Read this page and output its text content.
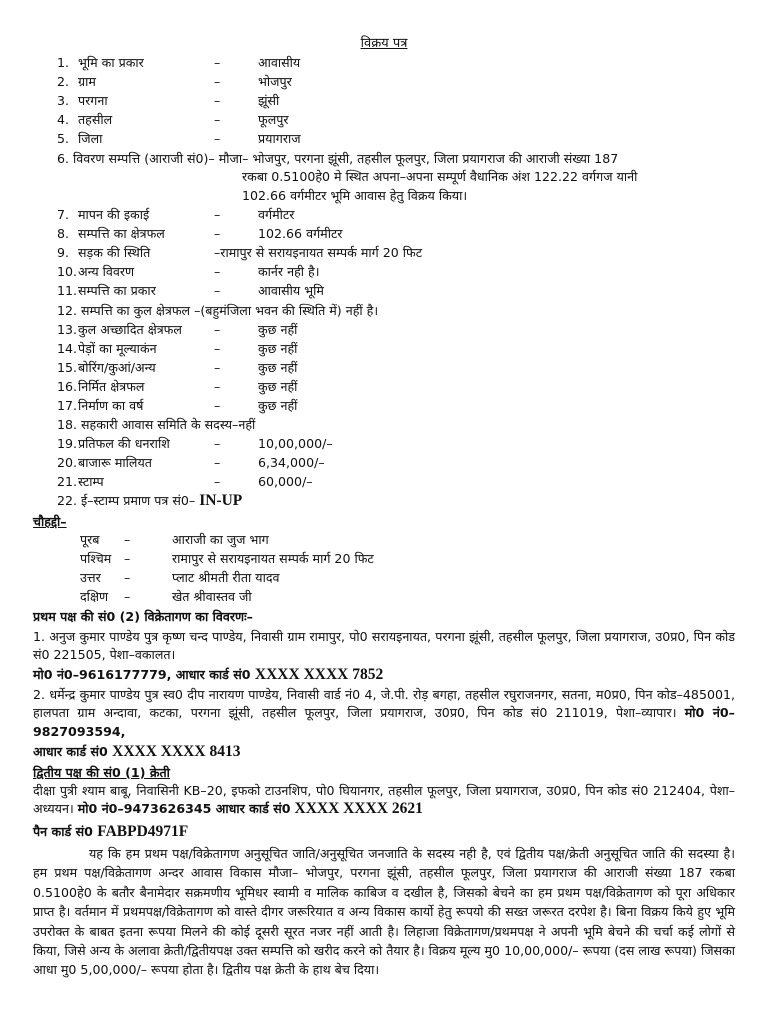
विक्रय पत्र
1. भूमि का प्रकार	–	आवासीय
2. ग्राम	–	भोजपुर
3. परगना	–	झूंसी
4. तहसील	–	फूलपुर
5. जिला	–	प्रयागराज
6. विवरण सम्पत्ति (आराजी सं0)– मौजा– भोजपुर, परगना झूंसी, तहसील फूलपुर, जिला प्रयागराज की आराजी संख्या 187
रकबा 0.5100हे0 मे स्थित अपना–अपना सम्पूर्ण वैधानिक अंश 122.22 वर्गगज यानी
102.66 वर्गमीटर भूमि आवास हेतु विक्रय किया।
7. मापन की इकाई	–	वर्गमीटर
8. सम्पत्ति का क्षेत्रफल	–	102.66 वर्गमीटर
9. सड़क की स्थिति	–रामापुर से सरायइनायत सम्पर्क मार्ग 20 फिट
10. अन्य विवरण	–	कार्नर नही है।
11. सम्पत्ति का प्रकार	–	आवासीय भूमि
12. सम्पत्ति का कुल क्षेत्रफल –(बहुमंजिला भवन की स्थिति में) नहीं है।
13. कुल अच्छादित क्षेत्रफल	–	कुछ नहीं
14. पेड़ों का मूल्याकंन	–	कुछ नहीं
15. बोरिंग/कुआं/अन्य	–	कुछ नहीं
16. निर्मित क्षेत्रफल	–	कुछ नहीं
17. निर्माण का वर्ष	–	कुछ नहीं
18. सहकारी आवास समिति के सदस्य–नहीं
19. प्रतिफल की धनराशि	–	10,00,000/–
20. बाजारू मालियत	–	6,34,000/–
21. स्टाम्प	–	60,000/–
22. ई–स्टाम्प प्रमाण पत्र सं0– IN-UP
चौहद्दी–
पूरब –	आराजी का जुज भाग
पश्चिम –	रामापुर से सरायइनायत सम्पर्क मार्ग 20 फिट
उत्तर –	प्लाट श्रीमती रीता यादव
दक्षिण –	खेत श्रीवास्तव जी
प्रथम पक्ष की सं0 (2) विक्रेतागण का विवरणः–
1. अनुज कुमार पाण्डेय पुत्र कृष्ण चन्द पाण्डेय, निवासी ग्राम रामापुर, पो0 सरायइनायत, परगना झूंसी, तहसील फूलपुर, जिला प्रयागराज, उ0प्र0, पिन कोड सं0 221505, पेशा–वकालत।
मो0 नं0–9616177779, आधार कार्ड सं0 XXXX XXXX 7852
2. धर्मेन्द्र कुमार पाण्डेय पुत्र स्व0 दीप नारायण पाण्डेय, निवासी वार्ड नं0 4, जे.पी. रोड़ बगहा, तहसील रघुराजनगर, सतना, म0प्र0, पिन कोड–485001, हालपता ग्राम अन्दावा, कटका, परगना झूंसी, तहसील फूलपुर, जिला प्रयागराज, उ0प्र0, पिन कोड सं0 211019, पेशा–व्यापार। मो0 नं0–9827093594,
आधार कार्ड सं0 XXXX XXXX 8413
द्वितीय पक्ष की सं0 (1) क्रेती
दीक्षा पुत्री श्याम बाबू, निवासिनी KB–20, इफको टाउनशिप, पो0 घियानगर, तहसील फूलपुर, जिला प्रयागराज, उ0प्र0, पिन कोड सं0 212404, पेशा–अध्ययन। मो0 नं0–9473626345 आधार कार्ड सं0 XXXX XXXX 2621
पैन कार्ड सं0 FABPD4971F
यह कि हम प्रथम पक्ष/विक्रेतागण अनुसूचित जाति/अनुसूचित जनजाति के सदस्य नही है, एवं द्वितीय पक्ष/क्रेती अनुसूचित जाति की सदस्या है। हम प्रथम पक्ष/विक्रेतागण अन्दर आवास विकास मौजा– भोजपुर, परगना झूंसी, तहसील फूलपुर, जिला प्रयागराज की आराजी संख्या 187 रकबा 0.5100हे0 के बतौर बैनामेदार सक्रमणीय भूमिधर स्वामी व मालिक काबिज व दखील है, जिसको बेचने का हम प्रथम पक्ष/विक्रेतागण को पूरा अधिकार प्राप्त है। वर्तमान में प्रथमपक्ष/विक्रेतागण को वास्ते दीगर जरूरियात व अन्य विकास कार्यो हेतु रूपयो की सख्त जरूरत दरपेश है। बिना विक्रय किये हुए भूमि उपरोक्त के बाबत इतना रूपया मिलने की कोई दूसरी सूरत नजर नहीं आती है। लिहाजा विक्रेतागण/प्रथमपक्ष ने अपनी भूमि बेचने की चर्चा कई लोगों से किया, जिसे अन्य के अलावा क्रेती/द्वितीयपक्ष उक्त सम्पत्ति को खरीद करने को तैयार है। विक्रय मूल्य मु0 10,00,000/– रूपया (दस लाख रूपया) जिसका आधा मु0 5,00,000/– रूपया होता है। द्वितीय पक्ष क्रेती के हाथ बेच दिया।
